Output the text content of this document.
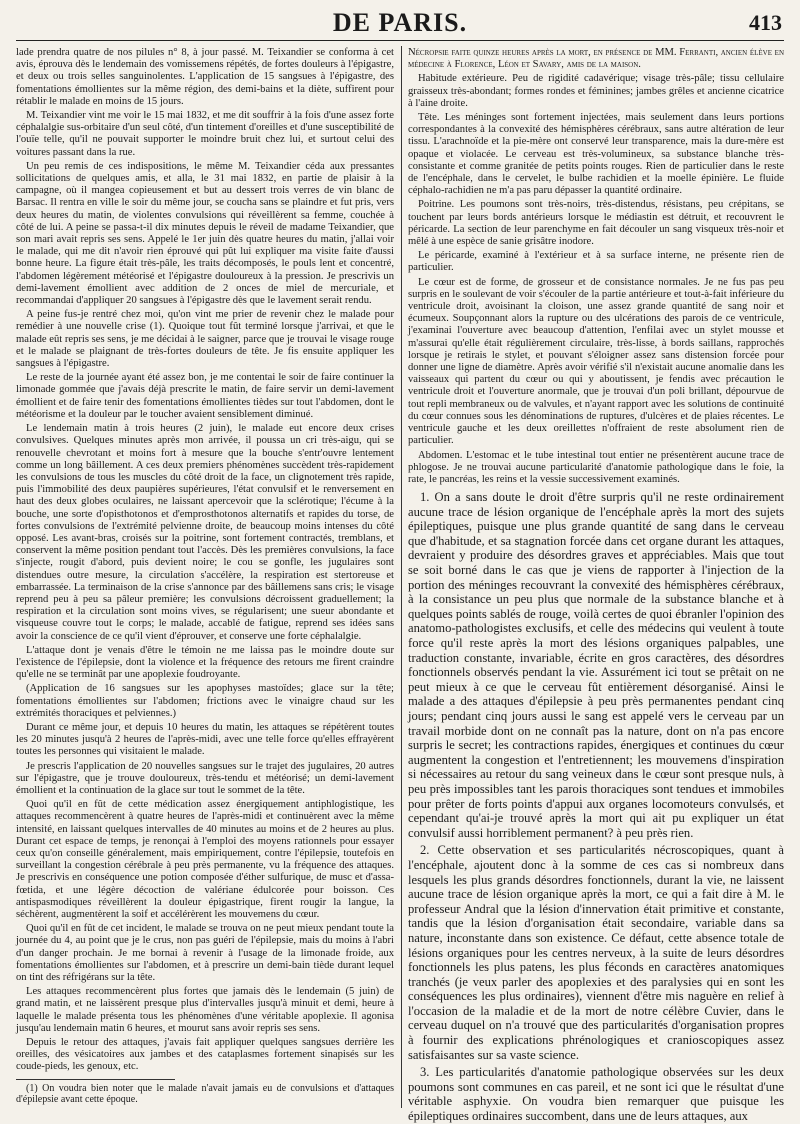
DE PARIS.	413

lade prendra quatre de nos pilules n° 8, à jour passé. M. Teixandier se conforma à cet avis, éprouva dès le lendemain des vomissemens répétés, de fortes douleurs à l'épigastre, et deux ou trois selles sanguinolentes. L'application de 15 sangsues à l'épigastre, des fomentations émollientes sur la même région, des demi-bains et la diète, suffirent pour rétablir le malade en moins de 15 jours.

M. Teixandier vint me voir le 15 mai 1832, et me dit souffrir à la fois d'une assez forte céphalalgie sus-orbitaire d'un seul côté, d'un tintement d'oreilles et d'une susceptibilité de l'ouïe telle, qu'il ne pouvait supporter le moindre bruit chez lui, et surtout celui des voitures passant dans la rue.

Un peu remis de ces indispositions, le même M. Teixandier céda aux pressantes sollicitations de quelques amis, et alla, le 31 mai 1832, en partie de plaisir à la campagne, où il mangea copieusement et but au dessert trois verres de vin blanc de Barsac. Il rentra en ville le soir du même jour, se coucha sans se plaindre et fut pris, vers deux heures du matin, de violentes convulsions qui réveillèrent sa femme, couchée à côté de lui. A peine se passa-t-il dix minutes depuis le réveil de madame Teixandier, que son mari avait repris ses sens. Appelé le 1er juin dès quatre heures du matin, j'allai voir le malade, qui me dit n'avoir rien éprouvé qui pût lui expliquer ma visite faite d'aussi bonne heure. La figure était très-pâle, les traits décomposés, le pouls lent et concentré, l'abdomen légèrement météorisé et l'épigastre douloureux à la pression. Je prescrivis un demi-lavement émollient avec addition de 2 onces de miel de mercuriale, et recommandai d'appliquer 20 sangsues à l'épigastre dès que le lavement serait rendu.

A peine fus-je rentré chez moi, qu'on vint me prier de revenir chez le malade pour remédier à une nouvelle crise (1). Quoique tout fût terminé lorsque j'arrivai, et que le malade eût repris ses sens, je me décidai à le saigner, parce que je trouvai le visage rouge et le malade se plaignant de très-fortes douleurs de tête. Je fis ensuite appliquer les sangsues à l'épigastre.

Le reste de la journée ayant été assez bon, je me contentai le soir de faire continuer la limonade gommée que j'avais déjà prescrite le matin, de faire servir un demi-lavement émollient et de faire tenir des fomentations émollientes tièdes sur tout l'abdomen, dont le météorisme et la douleur par le toucher avaient sensiblement diminué.

Le lendemain matin à trois heures (2 juin), le malade eut encore deux crises convulsives. Quelques minutes après mon arrivée, il poussa un cri très-aigu, qui se renouvelle chevrotant et moins fort à mesure que la bouche s'entr'ouvre lentement comme un long bâillement. A ces deux premiers phénomènes succèdent très-rapidement les convulsions de tous les muscles du côté droit de la face, un clignotement très rapide, puis l'immobilité des deux paupières supérieures, l'état convulsif et le renversement en haut des deux globes oculaires, ne laissant apercevoir que la sclérotique; l'écume à la bouche, une sorte d'opisthotonos et d'emprosthotonos alternatifs et rapides du torse, de fortes convulsions de l'extrémité pelvienne droite, de beaucoup moins intenses du côté opposé. Les avant-bras, croisés sur la poitrine, sont fortement contractés, tremblans, et conservent la même position pendant tout l'accès. Dès les premières convulsions, la face s'injecte, rougit d'abord, puis devient noire; le cou se gonfle, les jugulaires sont distendues outre mesure, la circulation s'accélère, la respiration est stertoreuse et embarrassée. La terminaison de la crise s'annonce par des bâillemens sans cris; le visage reprend peu à peu sa pâleur première; les convulsions décroissent graduellement; la respiration et la circulation sont moins vives, se régularisent; une sueur abondante et visqueuse couvre tout le corps; le malade, accablé de fatigue, reprend ses idées sans avoir la conscience de ce qu'il vient d'éprouver, et conserve une forte céphalalgie.

L'attaque dont je venais d'être le témoin ne me laissa pas le moindre doute sur l'existence de l'épilepsie, dont la violence et la fréquence des retours me firent craindre qu'elle ne se terminât par une apoplexie foudroyante.

(Application de 16 sangsues sur les apophyses mastoïdes; glace sur la tête; fomentations émollientes sur l'abdomen; frictions avec le vinaigre chaud sur les extrémités thoraciques et pelviennes.)

Durant ce même jour, et depuis 10 heures du matin, les attaques se répétèrent toutes les 20 minutes jusqu'à 2 heures de l'après-midi, avec une telle force qu'elles effrayèrent toutes les personnes qui visitaient le malade.

Je prescris l'application de 20 nouvelles sangsues sur le trajet des jugulaires, 20 autres sur l'épigastre, que je trouve douloureux, très-tendu et météorisé; un demi-lavement émollient et la continuation de la glace sur tout le sommet de la tête.

Quoi qu'il en fût de cette médication assez énergiquement antiphlogistique, les attaques recommencèrent à quatre heures de l'après-midi et continuèrent avec la même intensité, en laissant quelques intervalles de 40 minutes au moins et de 2 heures au plus. Durant cet espace de temps, je renonçai à l'emploi des moyens rationnels pour essayer ceux qu'on conseille généralement, mais empiriquement, contre l'épilepsie, toutefois en surveillant la congestion cérébrale à peu près permanente, vu la fréquence des attaques. Je prescrivis en conséquence une potion composée d'éther sulfurique, de musc et d'assa-fœtida, et une légère décoction de valériane édulcorée pour boisson. Ces antispasmodiques réveillèrent la douleur épigastrique, firent rougir la langue, la séchèrent, augmentèrent la soif et accélérèrent les mouvemens du cœur.

Quoi qu'il en fût de cet incident, le malade se trouva on ne peut mieux pendant toute la journée du 4, au point que je le crus, non pas guéri de l'épilepsie, mais du moins à l'abri d'un danger prochain. Je me bornai à revenir à l'usage de la limonade froide, aux fomentations émollientes sur l'abdomen, et à prescrire un demi-bain tiède durant lequel on tint des réfrigérans sur la tête.

Les attaques recommencèrent plus fortes que jamais dès le lendemain (5 juin) de grand matin, et ne laissèrent presque plus d'intervalles jusqu'à minuit et demi, heure à laquelle le malade présenta tous les phénomènes d'une véritable apoplexie. Il agonisa jusqu'au lendemain matin 6 heures, et mourut sans avoir repris ses sens.

Depuis le retour des attaques, j'avais fait appliquer quelques sangsues derrière les oreilles, des vésicatoires aux jambes et des cataplasmes fortement sinapisés sur les coude-pieds, les genoux, etc.

(1) On voudra bien noter que le malade n'avait jamais eu de convulsions et d'attaques d'épilepsie avant cette époque.

Nécropsie faite quinze heures après la mort, en présence de MM. Ferranti, ancien élève en médecine à Florence, Léon et Savary, amis de la maison.

Habitude extérieure. Peu de rigidité cadavérique; visage très-pâle; tissu cellulaire graisseux très-abondant; formes rondes et féminines; jambes grêles et ancienne cicatrice à l'aine droite.

Tête. Les méninges sont fortement injectées, mais seulement dans leurs portions correspondantes à la convexité des hémisphères cérébraux, sans autre altération de leur tissu. L'arachnoïde et la pie-mère ont conservé leur transparence, mais la dure-mère est opaque et violacée. Le cerveau est très-volumineux, sa substance blanche très-consistante et comme granitée de petits points rouges. Rien de particulier dans le reste de l'encéphale, dans le cervelet, le bulbe rachidien et la moelle épinière. Le fluide céphalo-rachidien ne m'a pas paru dépasser la quantité ordinaire.

Poitrine. Les poumons sont très-noirs, très-distendus, résistans, peu crépitans, se touchent par leurs bords antérieurs lorsque le médiastin est détruit, et recouvrent le péricarde. La section de leur parenchyme en fait découler un sang visqueux très-noir et mêlé à une espèce de sanie grisâtre inodore.

Le péricarde, examiné à l'extérieur et à sa surface interne, ne présente rien de particulier.

Le cœur est de forme, de grosseur et de consistance normales. Je ne fus pas peu surpris en le soulevant de voir s'écouler de la partie antérieure et tout-à-fait inférieure du ventricule droit, avoisinant la cloison, une assez grande quantité de sang noir et écumeux. Soupçonnant alors la rupture ou des ulcérations des parois de ce ventricule, j'examinai l'ouverture avec beaucoup d'attention, l'enfilai avec un stylet mousse et m'assurai qu'elle était régulièrement circulaire, très-lisse, à bords saillans, rapprochés lorsque je retirais le stylet, et pouvant s'éloigner assez sans distension forcée pour donner une ligne de diamètre. Après avoir vérifié s'il n'existait aucune anomalie dans les vaisseaux qui partent du cœur ou qui y aboutissent, je fendis avec précaution le ventricule droit et l'ouverture anormale, que je trouvai d'un poli brillant, dépourvue de tout repli membraneux ou de valvules, et n'ayant rapport avec les solutions de continuité du cœur connues sous les dénominations de ruptures, d'ulcères et de plaies récentes. Le ventricule gauche et les deux oreillettes n'offraient de reste absolument rien de particulier.

Abdomen. L'estomac et le tube intestinal tout entier ne présentèrent aucune trace de phlogose. Je ne trouvai aucune particularité d'anatomie pathologique dans le foie, la rate, le pancréas, les reins et la vessie successivement examinés.

1. On a sans doute le droit d'être surpris qu'il ne reste ordinairement aucune trace de lésion organique de l'encéphale après la mort des sujets épileptiques, puisque une plus grande quantité de sang dans le cerveau que d'habitude, et sa stagnation forcée dans cet organe durant les attaques, devraient y produire des désordres graves et appréciables. Mais que tout se soit borné dans le cas que je viens de rapporter à l'injection de la portion des méninges recouvrant la convexité des hémisphères cérébraux, à la consistance un peu plus que normale de la substance blanche et à quelques points sablés de rouge, voilà certes de quoi ébranler l'opinion des anatomo-pathologistes exclusifs, et celle des médecins qui veulent à toute force qu'il reste après la mort des lésions organiques palpables, une traduction constante, invariable, écrite en gros caractères, des désordres fonctionnels observés pendant la vie. Assurément ici tout se prêtait on ne peut mieux à ce que le cerveau fût entièrement désorganisé. Ainsi le malade a des attaques d'épilepsie à peu près permanentes pendant cinq jours; pendant cinq jours aussi le sang est appelé vers le cerveau par un travail morbide dont on ne connaît pas la nature, dont on n'a pas encore surpris le secret; les contractions rapides, énergiques et continues du cœur augmentent la congestion et l'entretiennent; les mouvemens d'inspiration si nécessaires au retour du sang veineux dans le cœur sont presque nuls, à peu près impossibles tant les parois thoraciques sont tendues et immobiles pour prêter de forts points d'appui aux organes locomoteurs convulsés, et cependant qu'ai-je trouvé après la mort qui ait pu expliquer un état convulsif aussi horriblement permanent? à peu près rien.

2. Cette observation et ses particularités nécroscopiques, quant à l'encéphale, ajoutent donc à la somme de ces cas si nombreux dans lesquels les plus grands désordres fonctionnels, durant la vie, ne laissent aucune trace de lésion organique après la mort, ce qui a fait dire à M. le professeur Andral que la lésion d'innervation était primitive et constante, tandis que la lésion d'organisation était secondaire, variable dans sa nature, inconstante dans son existence. Ce défaut, cette absence totale de lésions organiques pour les centres nerveux, à la suite de leurs désordres fonctionnels les plus patens, les plus féconds en caractères anatomiques tranchés (je veux parler des apoplexies et des paralysies qui en sont les conséquences les plus ordinaires), viennent d'être mis naguère en relief à l'occasion de la maladie et de la mort de notre célèbre Cuvier, dans le cerveau duquel on n'a trouvé que des particularités d'organisation propres à fournir des explications phrénologiques et cranioscopiques assez satisfaisantes sur sa vaste science.

3. Les particularités d'anatomie pathologique observées sur les deux poumons sont communes en cas pareil, et ne sont ici que le résultat d'une véritable asphyxie. On voudra bien remarquer que puisque les épileptiques ordinaires succombent, dans une de leurs attaques, aux
